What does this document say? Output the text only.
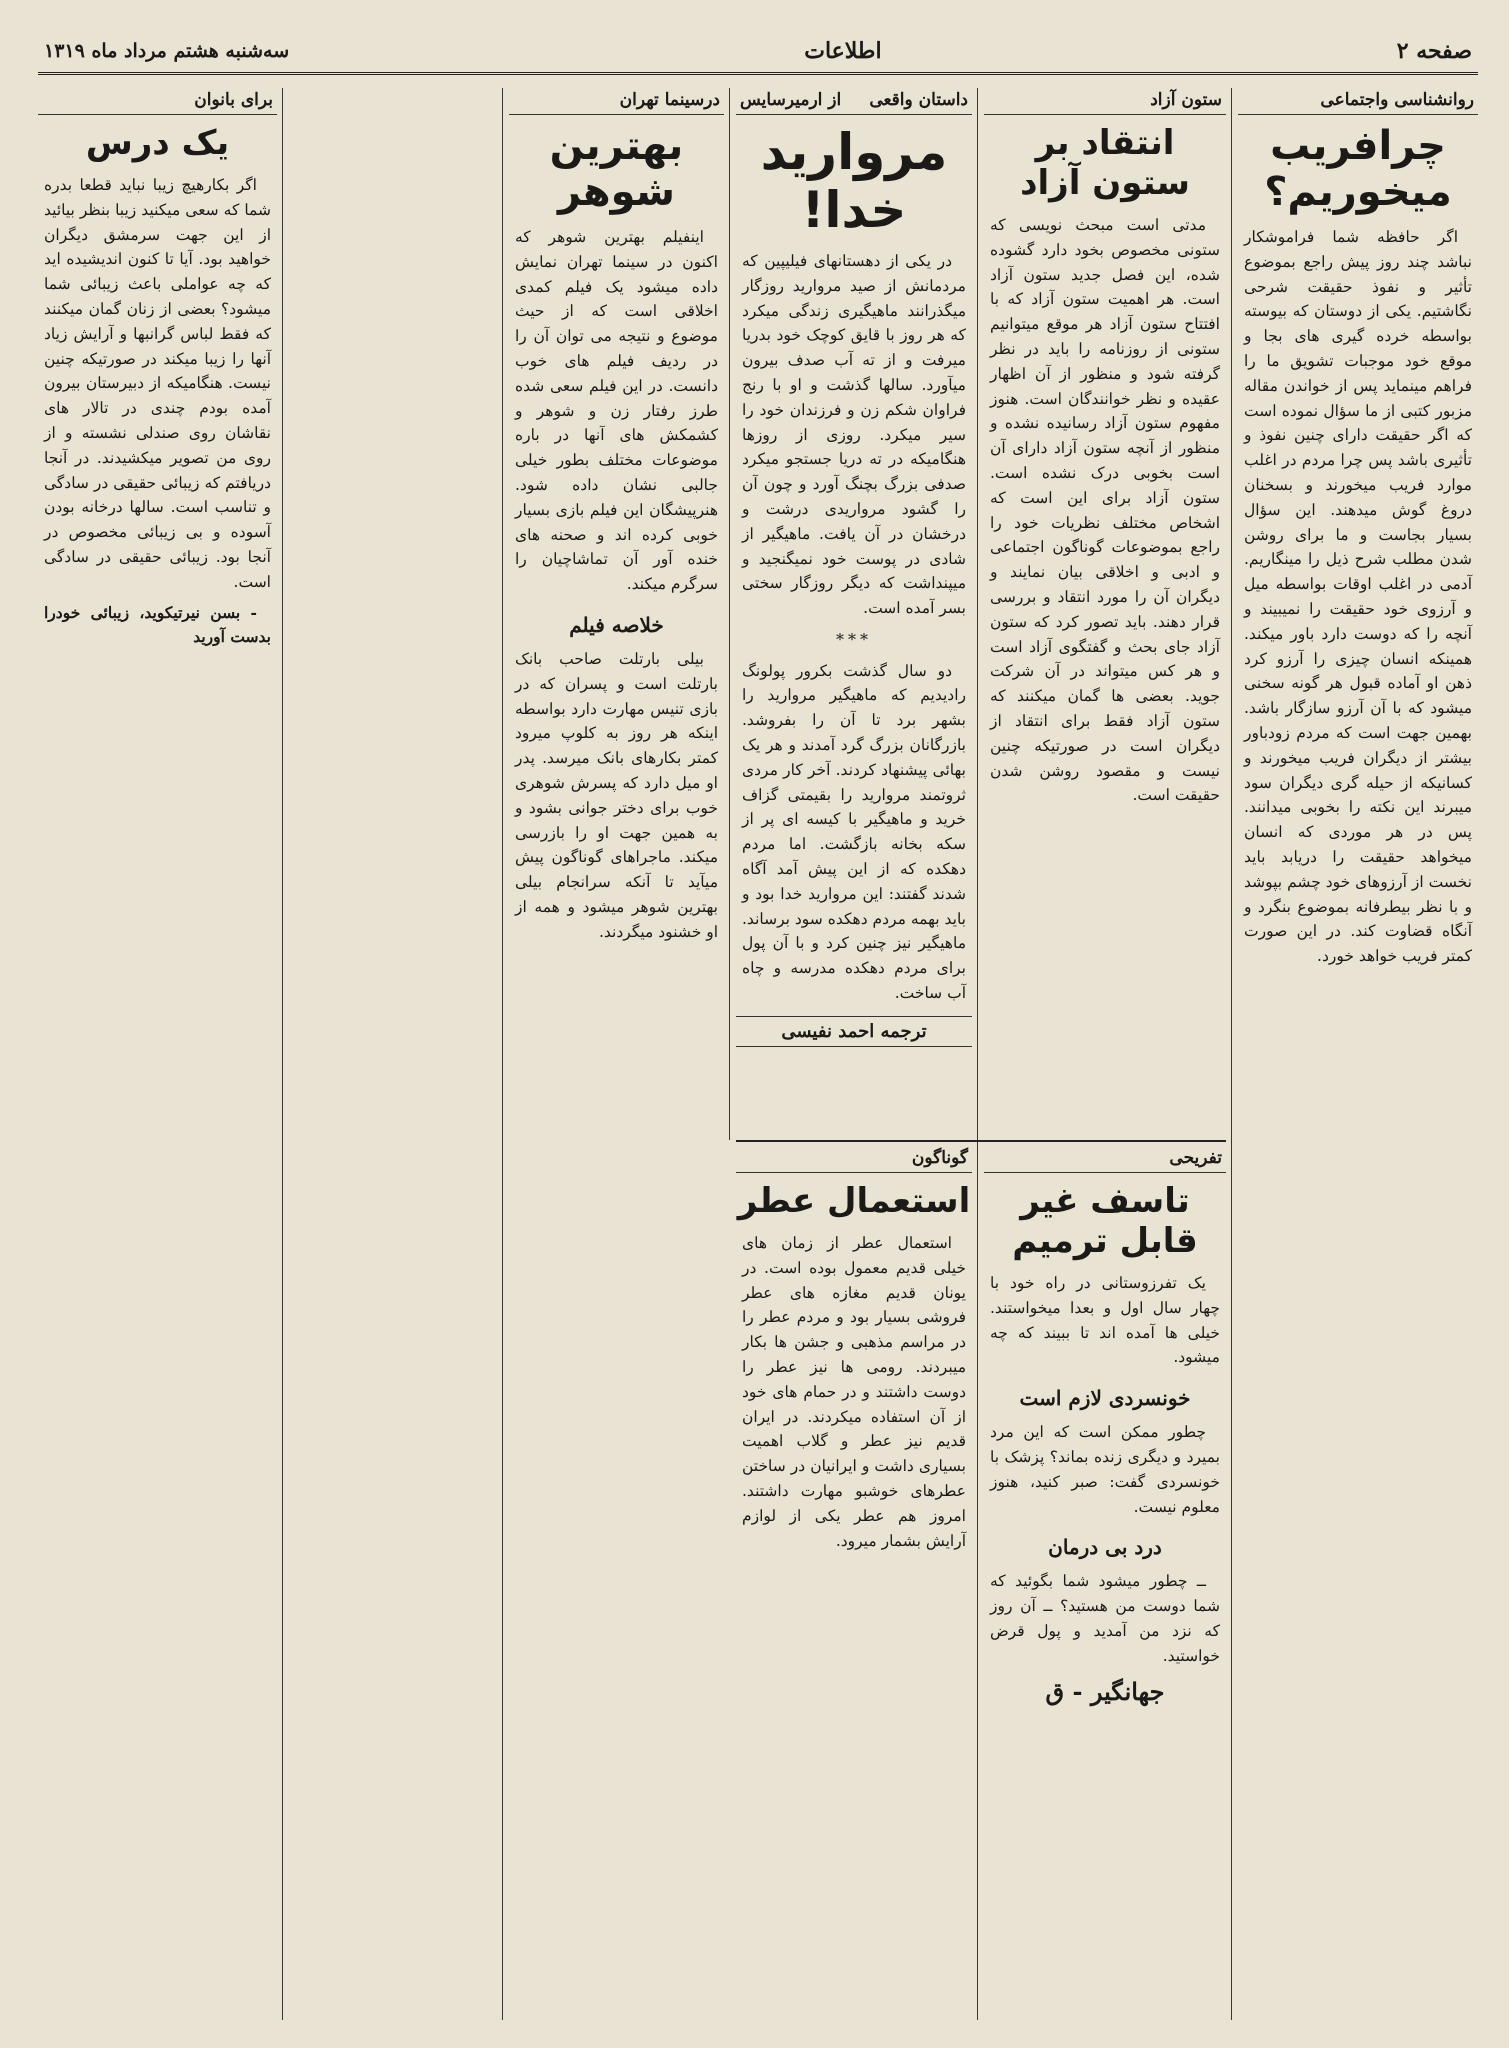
صفحه ۲
اطلاعات
سه‌شنبه هشتم مرداد ماه ۱۳۱۹
روانشناسی واجتماعی
چرافریب میخوریم؟

اگر حافظه شما فراموشکار نباشد چند روز پیش راجع بموضوع تأثیر و نفوذ حقیقت شرحی نگاشتیم. یکی از دوستان که بیوسته بواسطه خرده گیری های بجا و موقع خود موجبات تشویق ما را فراهم مینماید پس از خواندن مقاله مزبور کتبی از ما سؤال نموده است که اگر حقیقت دارای چنین نفوذ و تأثیری باشد پس چرا مردم در اغلب موارد فریب میخورند و بسخنان دروغ گوش میدهند. این سؤال بسیار بجاست و ما برای روشن شدن مطلب شرح ذیل را مینگاریم. آدمی در اغلب اوقات بواسطه میل و آرزوی خود حقیقت را نمیبیند و آنچه را که دوست دارد باور میکند. همینکه انسان چیزی را آرزو کرد ذهن او آماده قبول هر گونه سخنی میشود که با آن آرزو سازگار باشد. بهمین جهت است که مردم زودباور بیشتر از دیگران فریب میخورند و کسانیکه از حیله گری دیگران سود میبرند این نکته را بخوبی میدانند. پس در هر موردی که انسان میخواهد حقیقت را دریابد باید نخست از آرزوهای خود چشم بپوشد و با نظر بیطرفانه بموضوع بنگرد و آنگاه قضاوت کند. در این صورت کمتر فریب خواهد خورد.

ستون آزاد
انتقاد بر ستون آزاد

مدتی است مبحث نویسی که ستونی مخصوص بخود دارد گشوده شده، این فصل جدید ستون آزاد است. هر اهمیت ستون آزاد که با افتتاح ستون آزاد هر موقع میتوانیم ستونی از روزنامه را باید در نظر گرفته شود و منظور از آن اظهار عقیده و نظر خوانندگان است. هنوز مفهوم ستون آزاد رسانیده نشده و منظور از آنچه ستون آزاد دارای آن است بخوبی درک نشده است. ستون آزاد برای این است که اشخاص مختلف نظریات خود را راجع بموضوعات گوناگون اجتماعی و ادبی و اخلاقی بیان نمایند و دیگران آن را مورد انتقاد و بررسی قرار دهند. باید تصور کرد که ستون آزاد جای بحث و گفتگوی آزاد است و هر کس میتواند در آن شرکت جوید. بعضی ها گمان میکنند که ستون آزاد فقط برای انتقاد از دیگران است در صورتیکه چنین نیست و مقصود روشن شدن حقیقت است.

داستان واقعی
از ارمیرسایس
مروارید خدا!

در یکی از دهستانهای فیلیپین که مردمانش از صید مروارید روزگار میگذرانند ماهیگیری زندگی میکرد که هر روز با قایق کوچک خود بدریا میرفت و از ته آب صدف بیرون میآورد. سالها گذشت و او با رنج فراوان شکم زن و فرزندان خود را سیر میکرد. روزی از روزها هنگامیکه در ته دریا جستجو میکرد صدفی بزرگ بچنگ آورد و چون آن را گشود مرواریدی درشت و درخشان در آن یافت. ماهیگیر از شادی در پوست خود نمیگنجید و میپنداشت که دیگر روزگار سختی بسر آمده است.

***

دو سال گذشت بکرور پولونگ رادیدیم که ماهیگیر مروارید را بشهر برد تا آن را بفروشد. بازرگانان بزرگ گرد آمدند و هر یک بهائی پیشنهاد کردند. آخر کار مردی ثروتمند مروارید را بقیمتی گزاف خرید و ماهیگیر با کیسه ای پر از سکه بخانه بازگشت. اما مردم دهکده که از این پیش آمد آگاه شدند گفتند: این مروارید خدا بود و باید بهمه مردم دهکده سود برساند. ماهیگیر نیز چنین کرد و با آن پول برای مردم دهکده مدرسه و چاه آب ساخت.

ترجمه احمد نفیسی
درسینما تهران
بهترین شوهر

اینفیلم بهترین شوهر که اکنون در سینما تهران نمایش داده میشود یک فیلم کمدی اخلاقی است که از حیث موضوع و نتیجه می توان آن را در ردیف فیلم های خوب دانست. در این فیلم سعی شده طرز رفتار زن و شوهر و کشمکش های آنها در باره موضوعات مختلف بطور خیلی جالبی نشان داده شود. هنرپیشگان این فیلم بازی بسیار خوبی کرده اند و صحنه های خنده آور آن تماشاچیان را سرگرم میکند.

خلاصه فیلم

بیلی بارتلت صاحب بانک بارتلت است و پسران که در بازی تنیس مهارت دارد بواسطه اینکه هر روز به کلوپ میرود کمتر بکارهای بانک میرسد. پدر او میل دارد که پسرش شوهری خوب برای دختر جوانی بشود و به همین جهت او را بازرسی میکند. ماجراهای گوناگون پیش میآید تا آنکه سرانجام بیلی بهترین شوهر میشود و همه از او خشنود میگردند.

برای بانوان
یک درس

اگر بکارهیچ زیبا نباید قطعا بدره شما که سعی میکنید زیبا بنظر بیائید از این جهت سرمشق دیگران خواهید بود. آیا تا کنون اندیشیده اید که چه عواملی باعث زیبائی شما میشود؟ بعضی از زنان گمان میکنند که فقط لباس گرانبها و آرایش زیاد آنها را زیبا میکند در صورتیکه چنین نیست. هنگامیکه از دبیرستان بیرون آمده بودم چندی در تالار های نقاشان روی صندلی نشسته و از روی من تصویر میکشیدند. در آنجا دریافتم که زیبائی حقیقی در سادگی و تناسب است. سالها درخانه بودن آسوده و بی زیبائی مخصوص در آنجا بود. زیبائی حقیقی در سادگی است.

- بسن نیرتیکوید، زیبائی خودرا بدست آورید

گوناگون
استعمال عطر

استعمال عطر از زمان های خیلی قدیم معمول بوده است. در یونان قدیم مغازه های عطر فروشی بسیار بود و مردم عطر را در مراسم مذهبی و جشن ها بکار میبردند. رومی ها نیز عطر را دوست داشتند و در حمام های خود از آن استفاده میکردند. در ایران قدیم نیز عطر و گلاب اهمیت بسیاری داشت و ایرانیان در ساختن عطرهای خوشبو مهارت داشتند. امروز هم عطر یکی از لوازم آرایش بشمار میرود.

تفریحی
تاسف غیر قابل ترمیم

یک تفرزوستانی در راه خود با چهار سال اول و بعدا میخواستند. خیلی ها آمده اند تا ببیند که چه میشود.

خونسردی لازم است

چطور ممکن است که این مرد بمیرد و دیگری زنده بماند؟ پزشک با خونسردی گفت: صبر کنید، هنوز معلوم نیست.

درد بی درمان

ــ چطور میشود شما بگوئید که شما دوست من هستید؟ ــ آن روز که نزد من آمدید و پول قرض خواستید.

جهانگیر - ق
